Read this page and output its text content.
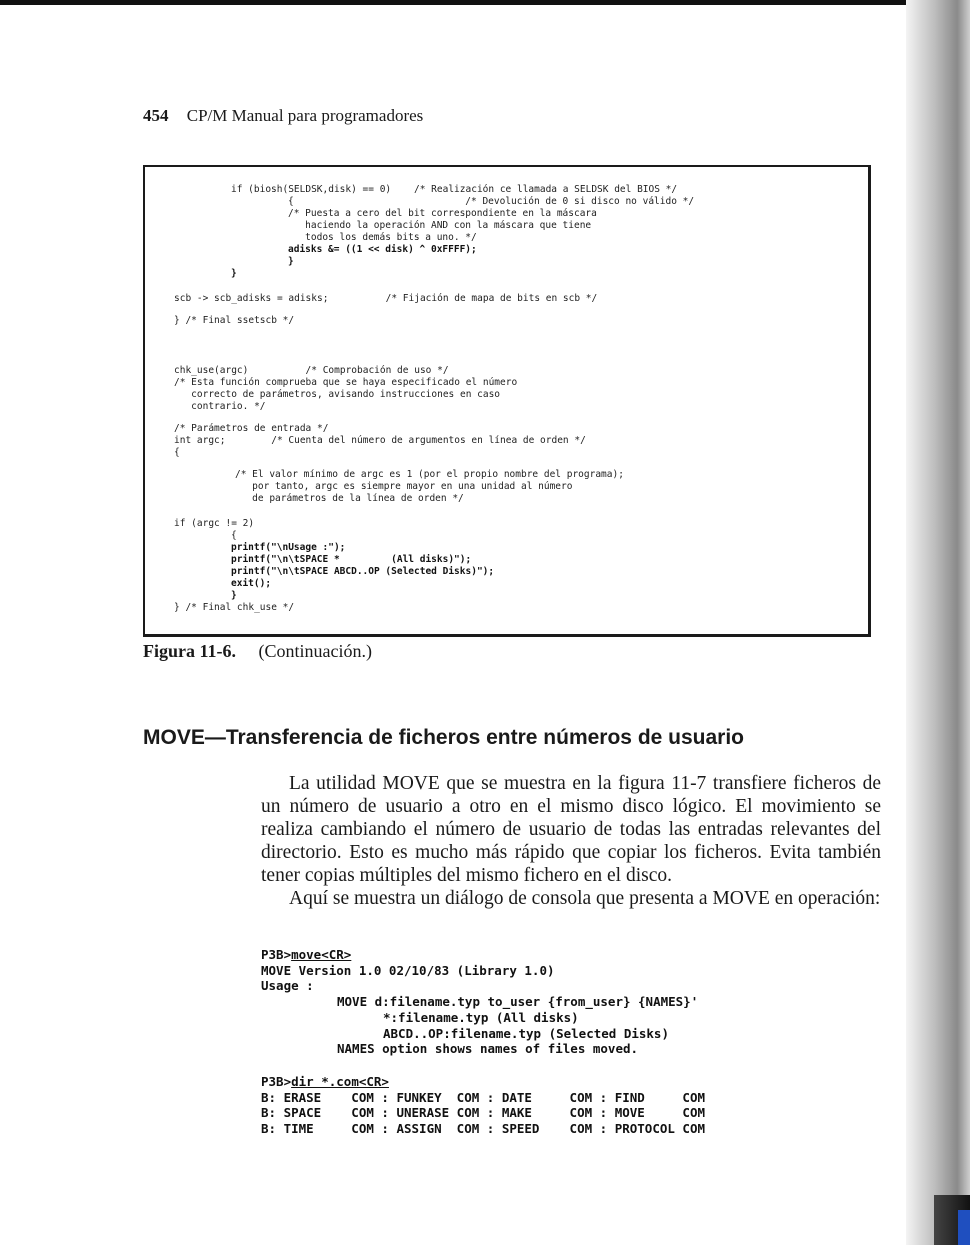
454 CP/M Manual para programadores
if (biosh(SELDSK,disk) == 0)    /* Realización ce llamada a SELDSK del BIOS */
{                              /* Devolución de 0 si disco no válido */
/* Puesta a cero del bit correspondiente en la máscara
haciendo la operación AND con la máscara que tiene
todos los demás bits a uno. */
adisks &= ((1 << disk) ^ 0xFFFF);
}
}
scb -> scb_adisks = adisks;          /* Fijación de mapa de bits en scb */
} /* Final ssetscb */
chk_use(argc)          /* Comprobación de uso */
/* Esta función comprueba que se haya especificado el número
correcto de parámetros, avisando instrucciones en caso
contrario. */
/* Parámetros de entrada */
int argc;        /* Cuenta del número de argumentos en línea de orden */
{
/* El valor mínimo de argc es 1 (por el propio nombre del programa);
por tanto, argc es siempre mayor en una unidad al número
de parámetros de la línea de orden */
if (argc != 2)
{
printf("\nUsage :");
printf("\n\tSPACE *         (All disks)");
printf("\n\tSPACE ABCD..OP (Selected Disks)");
exit();
}
} /* Final chk_use */
Figura 11-6. (Continuación.)
MOVE—Transferencia de ficheros entre números de usuario

La utilidad MOVE que se muestra en la figura 11-7 transfiere ficheros de un número de usuario a otro en el mismo disco lógico. El movimiento se realiza cambiando el número de usuario de todas las entradas relevantes del directorio. Esto es mucho más rápido que copiar los ficheros. Evita también tener copias múltiples del mismo fichero en el disco.

Aquí se muestra un diálogo de consola que presenta a MOVE en operación:

P3B>move<CR>
MOVE Version 1.0 02/10/83 (Library 1.0)
Usage :
MOVE d:filename.typ to_user {from_user} {NAMES}'
*:filename.typ (All disks)
ABCD..OP:filename.typ (Selected Disks)
NAMES option shows names of files moved.
P3B>dir *.com<CR>
B: ERASE    COM : FUNKEY  COM : DATE     COM : FIND     COM
B: SPACE    COM : UNERASE COM : MAKE     COM : MOVE     COM
B: TIME     COM : ASSIGN  COM : SPEED    COM : PROTOCOL COM
